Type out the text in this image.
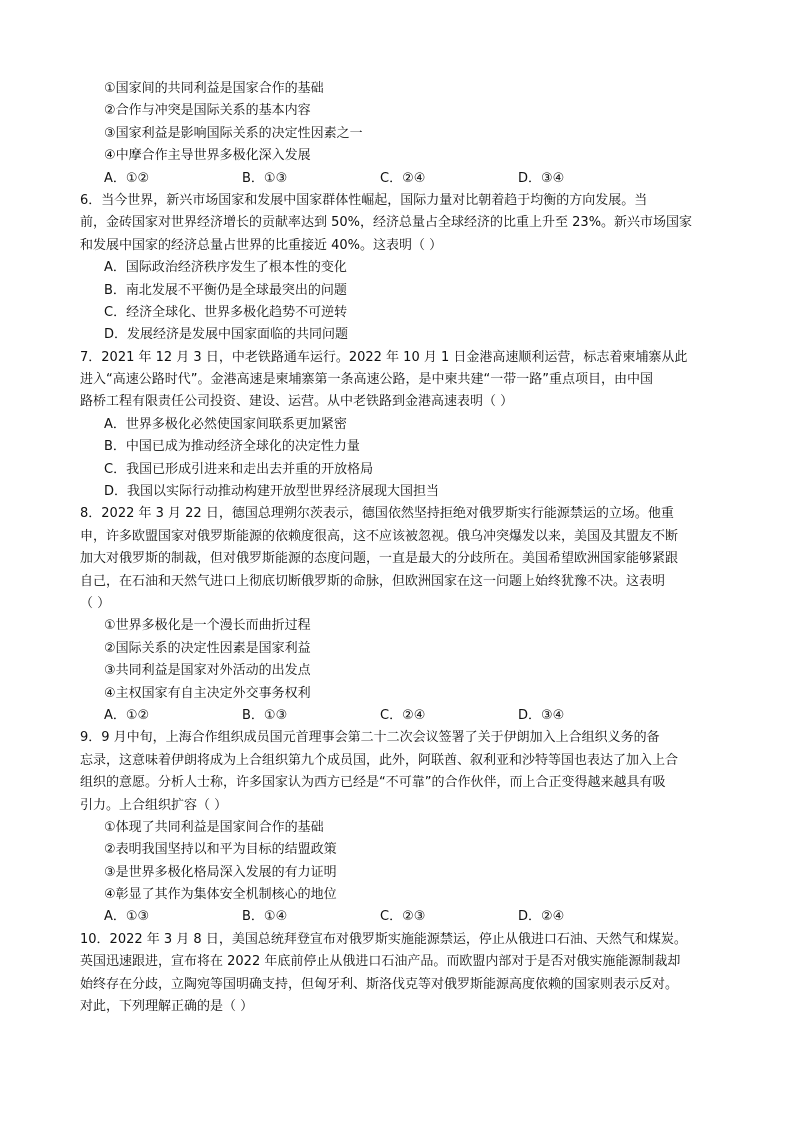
①国家间的共同利益是国家合作的基础
②合作与冲突是国际关系的基本内容
③国家利益是影响国际关系的决定性因素之一
④中摩合作主导世界多极化深入发展
A．①②	B．①③	C．②④	D．③④
6．当今世界，新兴市场国家和发展中国家群体性崛起，国际力量对比朝着趋于均衡的方向发展。当
前，金砖国家对世界经济增长的贡献率达到 50%，经济总量占全球经济的比重上升至 23%。新兴市场国家
和发展中国家的经济总量占世界的比重接近 40%。这表明（ ）
A．国际政治经济秩序发生了根本性的变化
B．南北发展不平衡仍是全球最突出的问题
C．经济全球化、世界多极化趋势不可逆转
D．发展经济是发展中国家面临的共同问题
7．2021 年 12 月 3 日，中老铁路通车运行。2022 年 10 月 1 日金港高速顺利运营，标志着柬埔寨从此
进入“高速公路时代”。金港高速是柬埔寨第一条高速公路，是中柬共建“一带一路”重点项目，由中国
路桥工程有限责任公司投资、建设、运营。从中老铁路到金港高速表明（ ）
A．世界多极化必然使国家间联系更加紧密
B．中国已成为推动经济全球化的决定性力量
C．我国已形成引进来和走出去并重的开放格局
D．我国以实际行动推动构建开放型世界经济展现大国担当
8．2022 年 3 月 22 日，德国总理朔尔茨表示，德国依然坚持拒绝对俄罗斯实行能源禁运的立场。他重
申，许多欧盟国家对俄罗斯能源的依赖度很高，这不应该被忽视。俄乌冲突爆发以来，美国及其盟友不断
加大对俄罗斯的制裁，但对俄罗斯能源的态度问题，一直是最大的分歧所在。美国希望欧洲国家能够紧跟
自己，在石油和天然气进口上彻底切断俄罗斯的命脉，但欧洲国家在这一问题上始终犹豫不决。这表明
（ ）
①世界多极化是一个漫长而曲折过程
②国际关系的决定性因素是国家利益
③共同利益是国家对外活动的出发点
④主权国家有自主决定外交事务权利
A．①②	B．①③	C．②④	D．③④
9．9 月中旬，上海合作组织成员国元首理事会第二十二次会议签署了关于伊朗加入上合组织义务的备
忘录，这意味着伊朗将成为上合组织第九个成员国，此外，阿联酋、叙利亚和沙特等国也表达了加入上合
组织的意愿。分析人士称，许多国家认为西方已经是“不可靠”的合作伙伴，而上合正变得越来越具有吸
引力。上合组织扩容（ ）
①体现了共同利益是国家间合作的基础
②表明我国坚持以和平为目标的结盟政策
③是世界多极化格局深入发展的有力证明
④彰显了其作为集体安全机制核心的地位
A．①③	B．①④	C．②③	D．②④
10．2022 年 3 月 8 日，美国总统拜登宣布对俄罗斯实施能源禁运，停止从俄进口石油、天然气和煤炭。
英国迅速跟进，宣布将在 2022 年底前停止从俄进口石油产品。而欧盟内部对于是否对俄实施能源制裁却
始终存在分歧，立陶宛等国明确支持，但匈牙利、斯洛伐克等对俄罗斯能源高度依赖的国家则表示反对。
对此，下列理解正确的是（ ）
